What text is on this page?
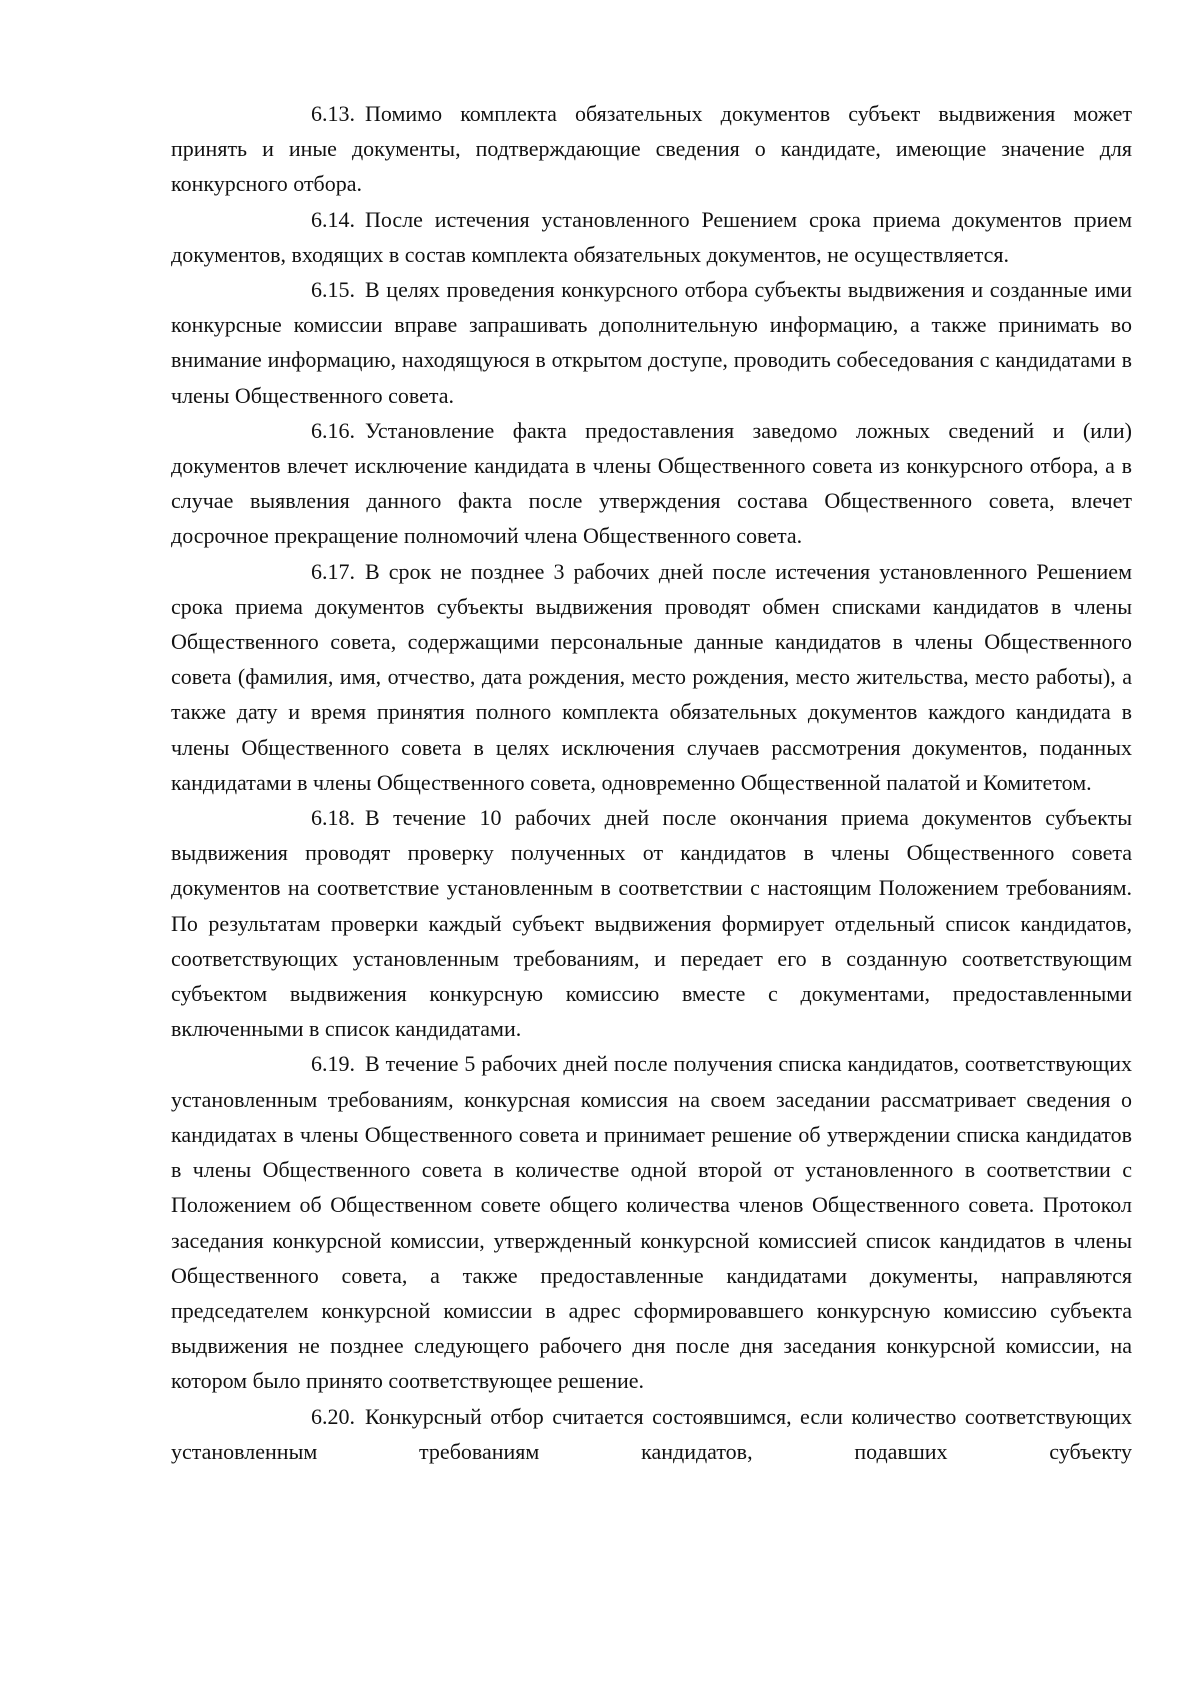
6.13. Помимо комплекта обязательных документов субъект выдвижения может принять и иные документы, подтверждающие сведения о кандидате, имеющие значение для конкурсного отбора.

6.14. После истечения установленного Решением срока приема документов прием документов, входящих в состав комплекта обязательных документов, не осуществляется.

6.15. В целях проведения конкурсного отбора субъекты выдвижения и созданные ими конкурсные комиссии вправе запрашивать дополнительную информацию, а также принимать во внимание информацию, находящуюся в открытом доступе, проводить собеседования с кандидатами в члены Общественного совета.

6.16. Установление факта предоставления заведомо ложных сведений и (или) документов влечет исключение кандидата в члены Общественного совета из конкурсного отбора, а в случае выявления данного факта после утверждения состава Общественного совета, влечет досрочное прекращение полномочий члена Общественного совета.

6.17. В срок не позднее 3 рабочих дней после истечения установленного Решением срока приема документов субъекты выдвижения проводят обмен списками кандидатов в члены Общественного совета, содержащими персональные данные кандидатов в члены Общественного совета (фамилия, имя, отчество, дата рождения, место рождения, место жительства, место работы), а также дату и время принятия полного комплекта обязательных документов каждого кандидата в члены Общественного совета в целях исключения случаев рассмотрения документов, поданных кандидатами в члены Общественного совета, одновременно Общественной палатой и Комитетом.

6.18. В течение 10 рабочих дней после окончания приема документов субъекты выдвижения проводят проверку полученных от кандидатов в члены Общественного совета документов на соответствие установленным в соответствии с настоящим Положением требованиям. По результатам проверки каждый субъект выдвижения формирует отдельный список кандидатов, соответствующих установленным требованиям, и передает его в созданную соответствующим субъектом выдвижения конкурсную комиссию вместе с документами, предоставленными включенными в список кандидатами.

6.19. В течение 5 рабочих дней после получения списка кандидатов, соответствующих установленным требованиям, конкурсная комиссия на своем заседании рассматривает сведения о кандидатах в члены Общественного совета и принимает решение об утверждении списка кандидатов в члены Общественного совета в количестве одной второй от установленного в соответствии с Положением об Общественном совете общего количества членов Общественного совета. Протокол заседания конкурсной комиссии, утвержденный конкурсной комиссией список кандидатов в члены Общественного совета, а также предоставленные кандидатами документы, направляются председателем конкурсной комиссии в адрес сформировавшего конкурсную комиссию субъекта выдвижения не позднее следующего рабочего дня после дня заседания конкурсной комиссии, на котором было принято соответствующее решение.

6.20. Конкурсный отбор считается состоявшимся, если количество соответствующих установленным требованиям кандидатов, подавших субъекту
